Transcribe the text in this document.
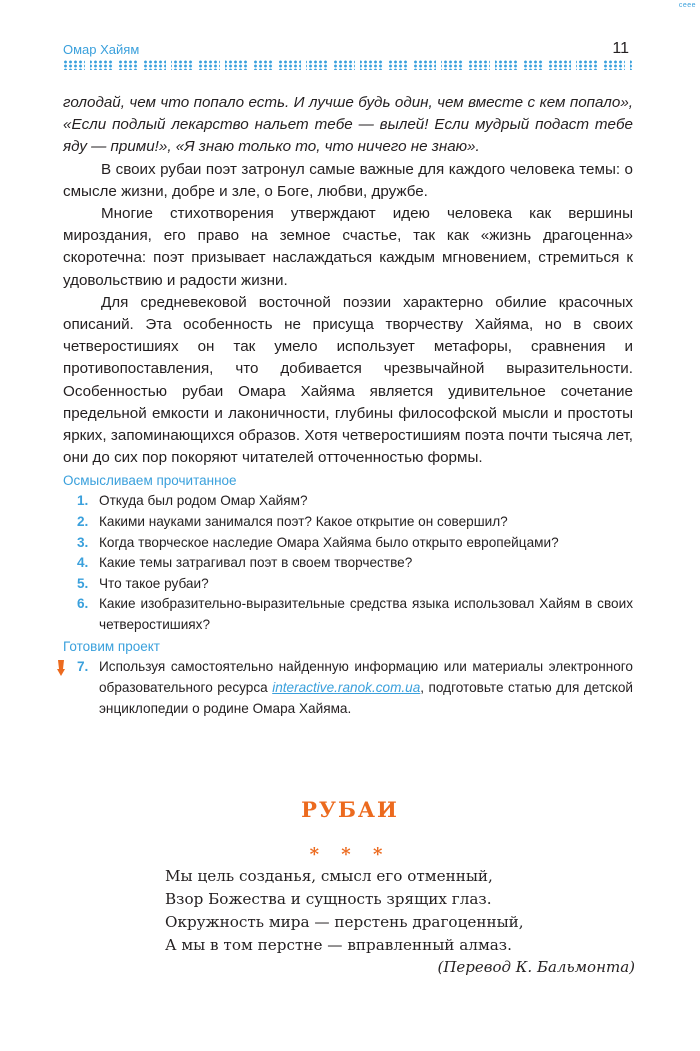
ceee
Омар Хайям	11

голодай, чем что попало есть. И лучше будь один, чем вместе с кем попало», «Если подлый лекарство нальет тебе — вылей! Если мудрый подаст тебе яду — прими!», «Я знаю только то, что ничего не знаю».

В своих рубаи поэт затронул самые важные для каждого человека темы: о смысле жизни, добре и зле, о Боге, любви, дружбе.

Многие стихотворения утверждают идею человека как вершины мироздания, его право на земное счастье, так как «жизнь драгоценна» скоротечна: поэт призывает наслаждаться каждым мгновением, стремиться к удовольствию и радости жизни.

Для средневековой восточной поэзии характерно обилие красочных описаний. Эта особенность не присуща творчеству Хайяма, но в своих четверостишиях он так умело использует метафоры, сравнения и противопоставления, что добивается чрезвычайной выразительности. Особенностью рубаи Омара Хайяма является удивительное сочетание предельной емкости и лаконичности, глубины философской мысли и простоты ярких, запоминающихся образов. Хотя четверостишиям поэта почти тысяча лет, они до сих пор покоряют читателей отточенностью формы.

Осмысливаем прочитанное
1. Откуда был родом Омар Хайям?
2. Какими науками занимался поэт? Какое открытие он совершил?
3. Когда творческое наследие Омара Хайяма было открыто европейцами?
4. Какие темы затрагивал поэт в своем творчестве?
5. Что такое рубаи?
6. Какие изобразительно-выразительные средства языка использовал Хайям в своих четверостишиях?
Готовим проект

7. Используя самостоятельно найденную информацию или материалы электронного образовательного ресурса interactive.ranok.com.ua, подготовьте статью для детской энциклопедии о родине Омара Хайяма.

РУБАИ
* * *
Мы цель созданья, смысл его отменный,
Взор Божества и сущность зрящих глаз.
Окружность мира — перстень драгоценный,
А мы в том перстне — вправленный алмаз.
(Перевод К. Бальмонта)
